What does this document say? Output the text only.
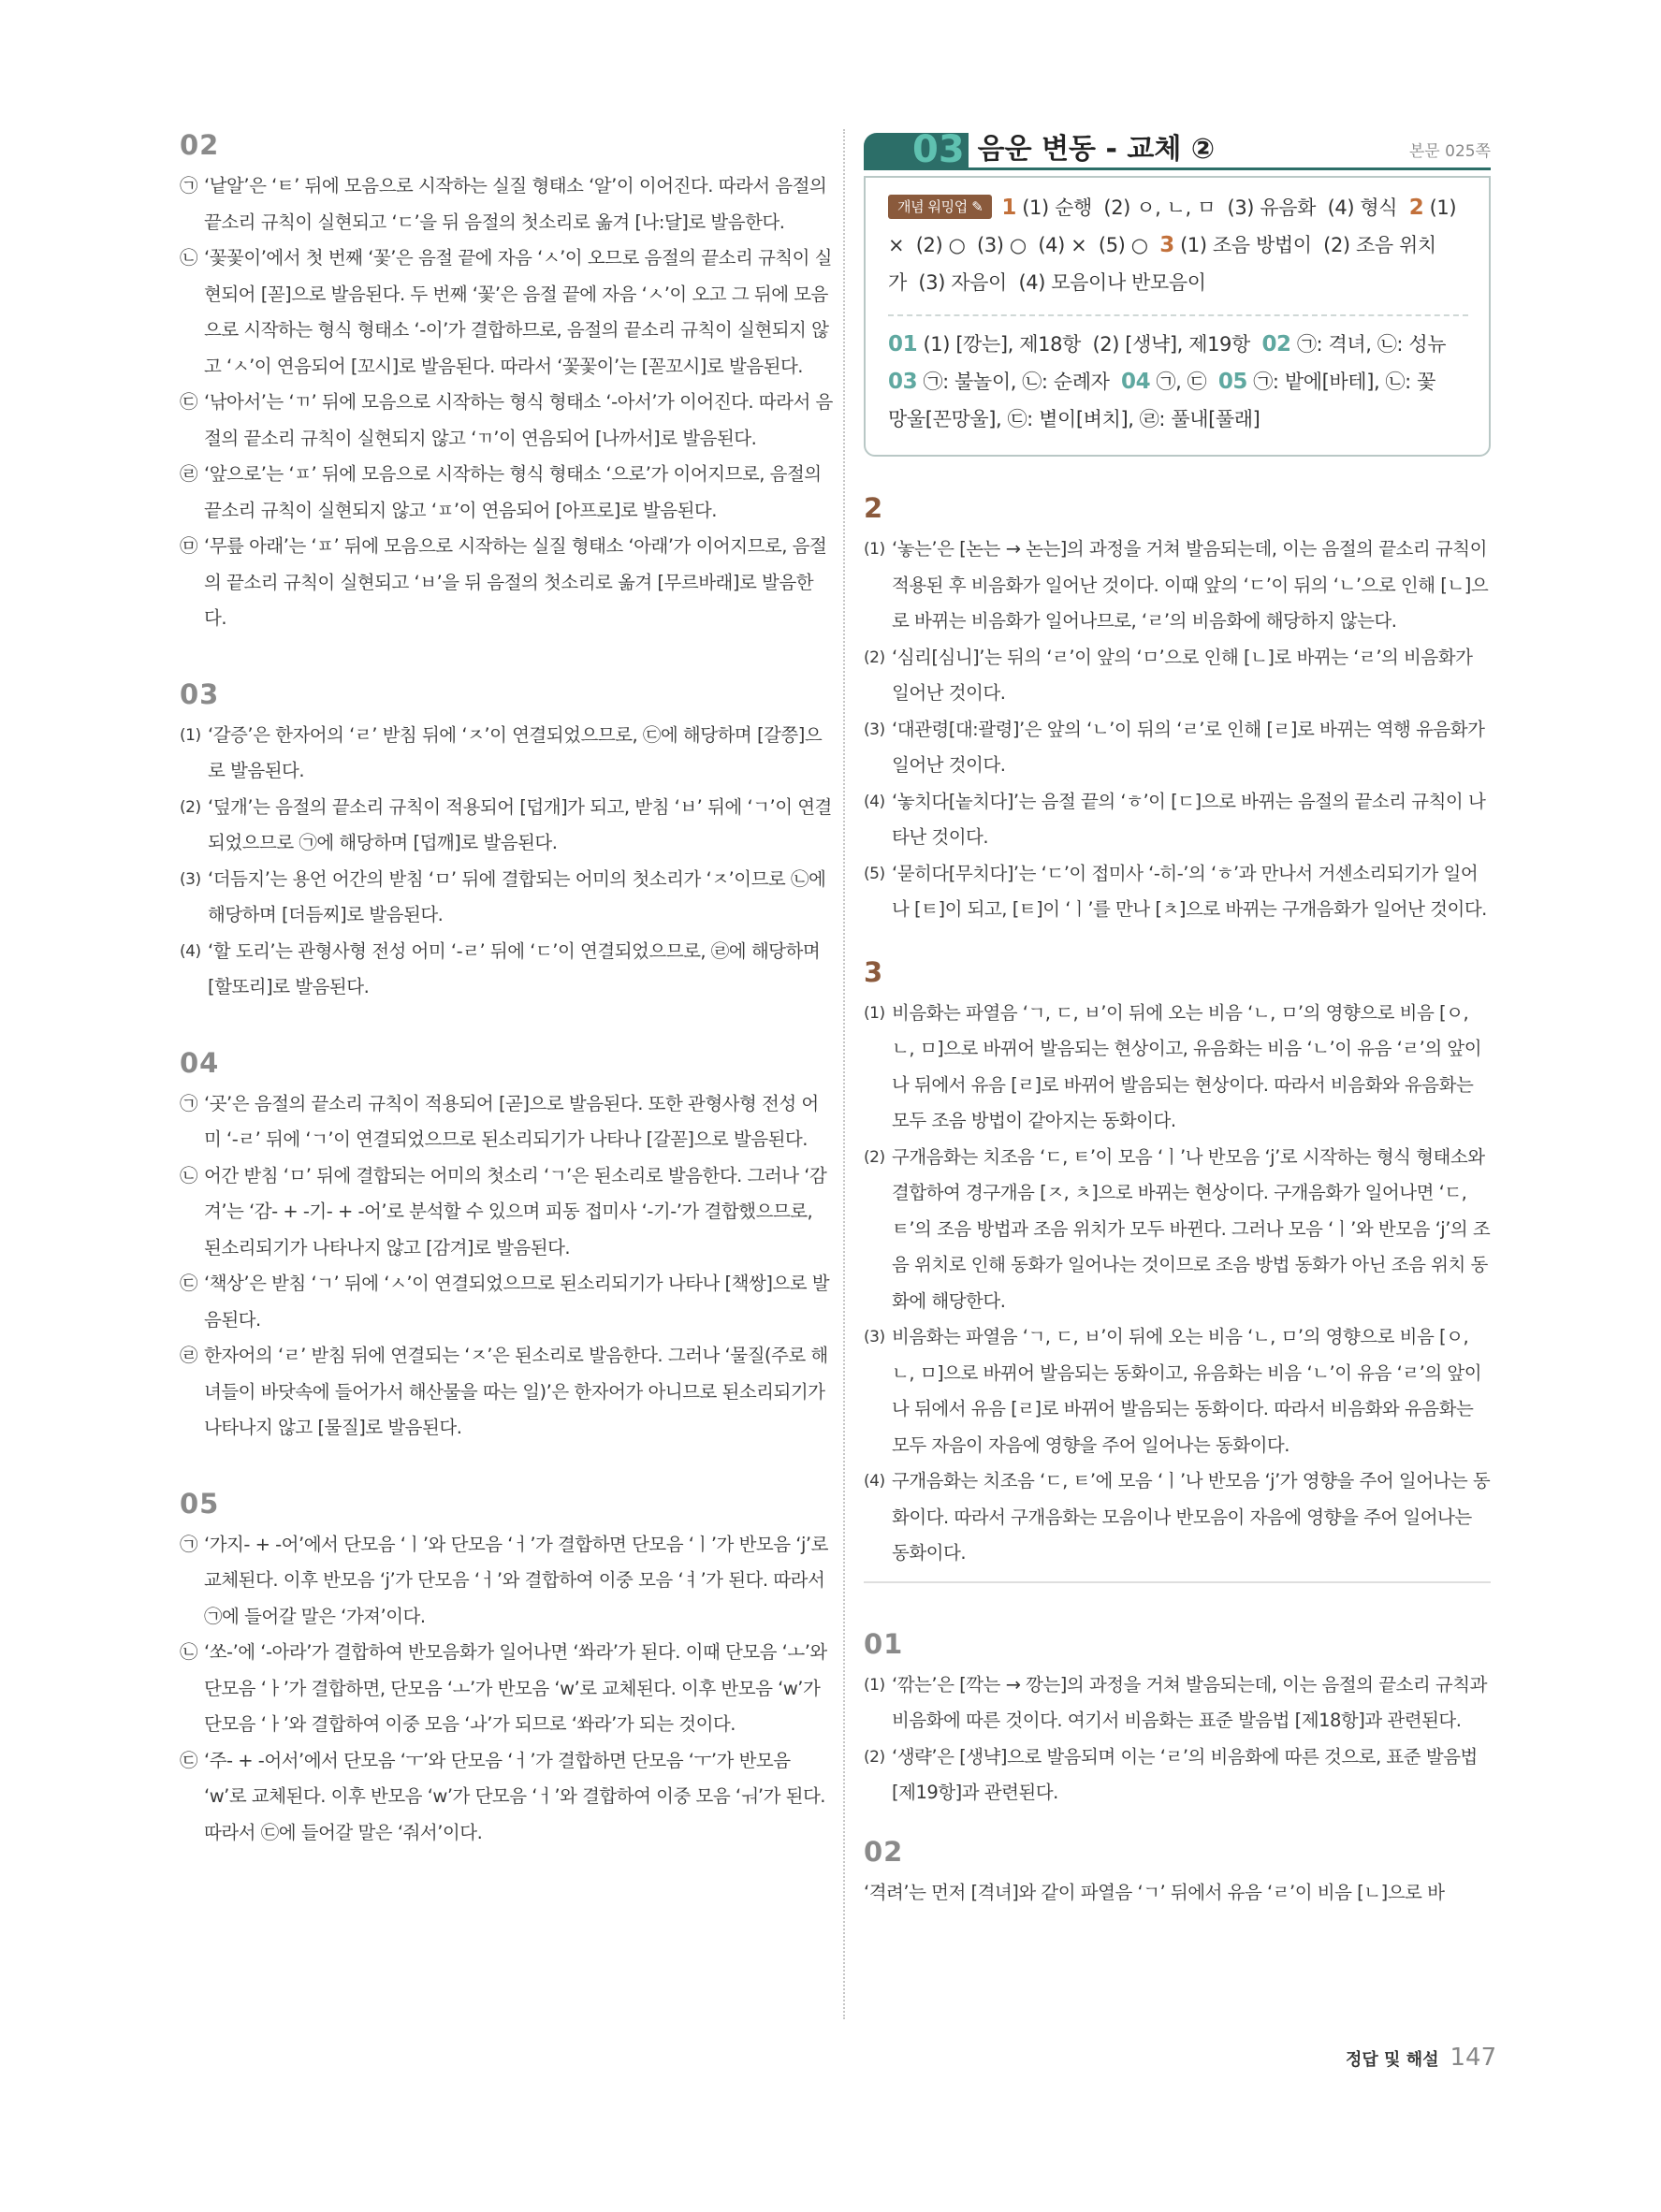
02
㉠ ‘낱알’은 ‘ㅌ’ 뒤에 모음으로 시작하는 실질 형태소 ‘알’이 이어진다. 따라서 음절의 끝소리 규칙이 실현되고 ‘ㄷ’을 뒤 음절의 첫소리로 옮겨 [나:달]로 발음한다.
㉡ ‘꽃꽃이’에서 첫 번째 ‘꽃’은 음절 끝에 자음 ‘ㅅ’이 오므로 음절의 끝소리 규칙이 실현되어 [꼳]으로 발음된다. 두 번째 ‘꽃’은 음절 끝에 자음 ‘ㅅ’이 오고 그 뒤에 모음으로 시작하는 형식 형태소 ‘-이’가 결합하므로, 음절의 끝소리 규칙이 실현되지 않고 ‘ㅅ’이 연음되어 [꼬시]로 발음된다. 따라서 ‘꽃꽃이’는 [꼳꼬시]로 발음된다.
㉢ ‘낚아서’는 ‘ㄲ’ 뒤에 모음으로 시작하는 형식 형태소 ‘-아서’가 이어진다. 따라서 음절의 끝소리 규칙이 실현되지 않고 ‘ㄲ’이 연음되어 [나까서]로 발음된다.
㉣ ‘앞으로’는 ‘ㅍ’ 뒤에 모음으로 시작하는 형식 형태소 ‘으로’가 이어지므로, 음절의 끝소리 규칙이 실현되지 않고 ‘ㅍ’이 연음되어 [아프로]로 발음된다.
㉤ ‘무릎 아래’는 ‘ㅍ’ 뒤에 모음으로 시작하는 실질 형태소 ‘아래’가 이어지므로, 음절의 끝소리 규칙이 실현되고 ‘ㅂ’을 뒤 음절의 첫소리로 옮겨 [무르바래]로 발음한다.
03
(1) ‘갈증’은 한자어의 ‘ㄹ’ 받침 뒤에 ‘ㅈ’이 연결되었으므로, ㉢에 해당하며 [갈쯩]으로 발음된다.
(2) ‘덮개’는 음절의 끝소리 규칙이 적용되어 [덥개]가 되고, 받침 ‘ㅂ’ 뒤에 ‘ㄱ’이 연결되었으므로 ㉠에 해당하며 [덥깨]로 발음된다.
(3) ‘더듬지’는 용언 어간의 받침 ‘ㅁ’ 뒤에 결합되는 어미의 첫소리가 ‘ㅈ’이므로 ㉡에 해당하며 [더듬찌]로 발음된다.
(4) ‘할 도리’는 관형사형 전성 어미 ‘-ㄹ’ 뒤에 ‘ㄷ’이 연결되었으므로, ㉣에 해당하며 [할또리]로 발음된다.
04
㉠ ‘곳’은 음절의 끝소리 규칙이 적용되어 [곧]으로 발음된다. 또한 관형사형 전성 어미 ‘-ㄹ’ 뒤에 ‘ㄱ’이 연결되었으므로 된소리되기가 나타나 [갈꼳]으로 발음된다.
㉡ 어간 받침 ‘ㅁ’ 뒤에 결합되는 어미의 첫소리 ‘ㄱ’은 된소리로 발음한다. 그러나 ‘감겨’는 ‘감- + -기- + -어’로 분석할 수 있으며 피동 접미사 ‘-기-’가 결합했으므로, 된소리되기가 나타나지 않고 [감겨]로 발음된다.
㉢ ‘책상’은 받침 ‘ㄱ’ 뒤에 ‘ㅅ’이 연결되었으므로 된소리되기가 나타나 [책쌍]으로 발음된다.
㉣ 한자어의 ‘ㄹ’ 받침 뒤에 연결되는 ‘ㅈ’은 된소리로 발음한다. 그러나 ‘물질(주로 해녀들이 바닷속에 들어가서 해산물을 따는 일)’은 한자어가 아니므로 된소리되기가 나타나지 않고 [물질]로 발음된다.
05
㉠ ‘가지- + -어’에서 단모음 ‘ㅣ’와 단모음 ‘ㅓ’가 결합하면 단모음 ‘ㅣ’가 반모음 ‘j’로 교체된다. 이후 반모음 ‘j’가 단모음 ‘ㅓ’와 결합하여 이중 모음 ‘ㅕ’가 된다. 따라서 ㉠에 들어갈 말은 ‘가져’이다.
㉡ ‘쏘-’에 ‘-아라’가 결합하여 반모음화가 일어나면 ‘쏴라’가 된다. 이때 단모음 ‘ㅗ’와 단모음 ‘ㅏ’가 결합하면, 단모음 ‘ㅗ’가 반모음 ‘w’로 교체된다. 이후 반모음 ‘w’가 단모음 ‘ㅏ’와 결합하여 이중 모음 ‘ㅘ’가 되므로 ‘쏴라’가 되는 것이다.
㉢ ‘주- + -어서’에서 단모음 ‘ㅜ’와 단모음 ‘ㅓ’가 결합하면 단모음 ‘ㅜ’가 반모음 ‘w’로 교체된다. 이후 반모음 ‘w’가 단모음 ‘ㅓ’와 결합하여 이중 모음 ‘ㅝ’가 된다. 따라서 ㉢에 들어갈 말은 ‘줘서’이다.
03 음운 변동 - 교체 ②	본문 025쪽
개념 워밍업 ✎ 1 (1) 순행  (2) ㅇ, ㄴ, ㅁ  (3) 유음화  (4) 형식  2 (1)
×  (2) ○  (3) ○  (4) ×  (5) ○  3 (1) 조음 방법이  (2) 조음 위치
가  (3) 자음이  (4) 모음이나 반모음이
01 (1) [깡는], 제18항  (2) [생냑], 제19항  02 ㉠: 격녀, ㉡: 성뉴
03 ㉠: 불놀이, ㉡: 순례자  04 ㉠, ㉢  05 ㉠: 밭에[바테], ㉡: 꽃
망울[꼰망울], ㉢: 볕이[벼치], ㉣: 풀내[풀래]
2
(1) ‘놓는’은 [논는 → 논는]의 과정을 거쳐 발음되는데, 이는 음절의 끝소리 규칙이 적용된 후 비음화가 일어난 것이다. 이때 앞의 ‘ㄷ’이 뒤의 ‘ㄴ’으로 인해 [ㄴ]으로 바뀌는 비음화가 일어나므로, ‘ㄹ’의 비음화에 해당하지 않는다.
(2) ‘심리[심니]’는 뒤의 ‘ㄹ’이 앞의 ‘ㅁ’으로 인해 [ㄴ]로 바뀌는 ‘ㄹ’의 비음화가 일어난 것이다.
(3) ‘대관령[대:괄령]’은 앞의 ‘ㄴ’이 뒤의 ‘ㄹ’로 인해 [ㄹ]로 바뀌는 역행 유음화가 일어난 것이다.
(4) ‘놓치다[놑치다]’는 음절 끝의 ‘ㅎ’이 [ㄷ]으로 바뀌는 음절의 끝소리 규칙이 나타난 것이다.
(5) ‘묻히다[무치다]’는 ‘ㄷ’이 접미사 ‘-히-’의 ‘ㅎ’과 만나서 거센소리되기가 일어나 [ㅌ]이 되고, [ㅌ]이 ‘ㅣ’를 만나 [ㅊ]으로 바뀌는 구개음화가 일어난 것이다.
3
(1) 비음화는 파열음 ‘ㄱ, ㄷ, ㅂ’이 뒤에 오는 비음 ‘ㄴ, ㅁ’의 영향으로 비음 [ㅇ, ㄴ, ㅁ]으로 바뀌어 발음되는 현상이고, 유음화는 비음 ‘ㄴ’이 유음 ‘ㄹ’의 앞이나 뒤에서 유음 [ㄹ]로 바뀌어 발음되는 현상이다. 따라서 비음화와 유음화는 모두 조음 방법이 같아지는 동화이다.
(2) 구개음화는 치조음 ‘ㄷ, ㅌ’이 모음 ‘ㅣ’나 반모음 ‘j’로 시작하는 형식 형태소와 결합하여 경구개음 [ㅈ, ㅊ]으로 바뀌는 현상이다. 구개음화가 일어나면 ‘ㄷ, ㅌ’의 조음 방법과 조음 위치가 모두 바뀐다. 그러나 모음 ‘ㅣ’와 반모음 ‘j’의 조음 위치로 인해 동화가 일어나는 것이므로 조음 방법 동화가 아닌 조음 위치 동화에 해당한다.
(3) 비음화는 파열음 ‘ㄱ, ㄷ, ㅂ’이 뒤에 오는 비음 ‘ㄴ, ㅁ’의 영향으로 비음 [ㅇ, ㄴ, ㅁ]으로 바뀌어 발음되는 동화이고, 유음화는 비음 ‘ㄴ’이 유음 ‘ㄹ’의 앞이나 뒤에서 유음 [ㄹ]로 바뀌어 발음되는 동화이다. 따라서 비음화와 유음화는 모두 자음이 자음에 영향을 주어 일어나는 동화이다.
(4) 구개음화는 치조음 ‘ㄷ, ㅌ’에 모음 ‘ㅣ’나 반모음 ‘j’가 영향을 주어 일어나는 동화이다. 따라서 구개음화는 모음이나 반모음이 자음에 영향을 주어 일어나는 동화이다.
01
(1) ‘깎는’은 [깍는 → 깡는]의 과정을 거쳐 발음되는데, 이는 음절의 끝소리 규칙과 비음화에 따른 것이다. 여기서 비음화는 표준 발음법 [제18항]과 관련된다.
(2) ‘생략’은 [생냑]으로 발음되며 이는 ‘ㄹ’의 비음화에 따른 것으로, 표준 발음법 [제19항]과 관련된다.
02
‘격려’는 먼저 [격녀]와 같이 파열음 ‘ㄱ’ 뒤에서 유음 ‘ㄹ’이 비음 [ㄴ]으로 바
정답 및 해설 147
